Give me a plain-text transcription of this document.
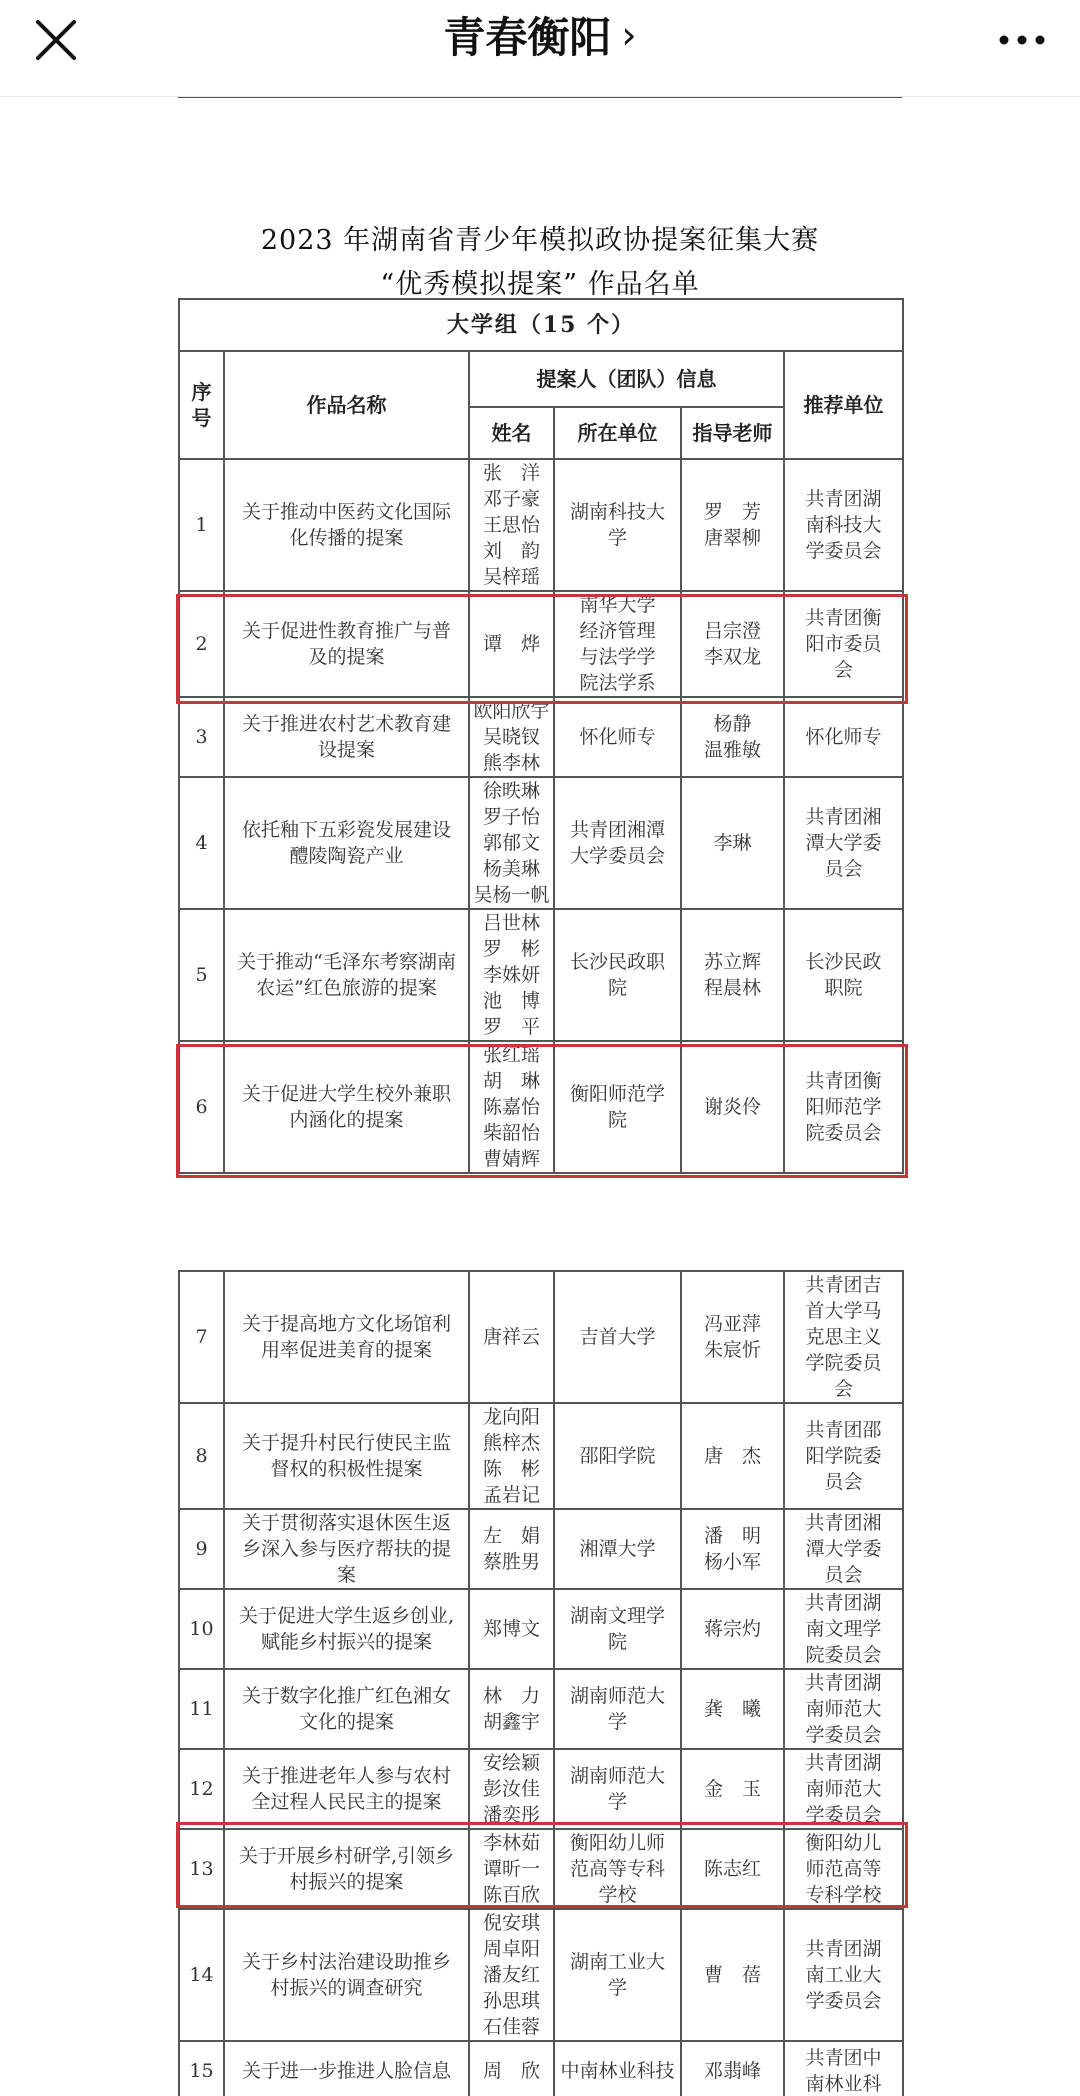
青春衡阳 ›
2023 年湖南省青少年模拟政协提案征集大赛
“优秀模拟提案” 作品名单
大学组（15 个）					
序
号	作品名称	提案人（团队）信息			推荐单位
		姓名	所在单位	指导老师	
1	关于推动中医药文化国际
化传播的提案	张　洋
邓子豪
王思怡
刘　韵
吴梓瑶	湖南科技大
学	罗　芳
唐翠柳	共青团湖
南科技大
学委员会
2	关于促进性教育推广与普
及的提案	谭　烨	南华大学
经济管理
与法学学
院法学系	吕宗澄
李双龙	共青团衡
阳市委员
会
3	关于推进农村艺术教育建
设提案	欧阳欣宇
吴晓钗
熊李林	怀化师专	杨静
温雅敏	怀化师专
4	依托釉下五彩瓷发展建设
醴陵陶瓷产业	徐昳琳
罗子怡
郭郁文
杨美琳
吴杨一帆	共青团湘潭
大学委员会	李琳	共青团湘
潭大学委
员会
5	关于推动“毛泽东考察湖南
农运”红色旅游的提案	吕世林
罗　彬
李姝妍
池　博
罗　平	长沙民政职
院	苏立辉
程晨林	长沙民政
职院
6	关于促进大学生校外兼职
内涵化的提案	张红瑶
胡　琳
陈嘉怡
柴韶怡
曹婧辉	衡阳师范学
院	谢炎伶	共青团衡
阳师范学
院委员会
7	关于提高地方文化场馆利
用率促进美育的提案	唐祥云	吉首大学	冯亚萍
朱宸忻	共青团吉
首大学马
克思主义
学院委员
会
8	关于提升村民行使民主监
督权的积极性提案	龙向阳
熊梓杰
陈　彬
孟岩记	邵阳学院	唐　杰	共青团邵
阳学院委
员会
9	关于贯彻落实退休医生返
乡深入参与医疗帮扶的提
案	左　娟
蔡胜男	湘潭大学	潘　明
杨小军	共青团湘
潭大学委
员会
10	关于促进大学生返乡创业,
赋能乡村振兴的提案	郑博文	湖南文理学
院	蒋宗灼	共青团湖
南文理学
院委员会
11	关于数字化推广红色湘女
文化的提案	林　力
胡鑫宇	湖南师范大
学	龚　曦	共青团湖
南师范大
学委员会
12	关于推进老年人参与农村
全过程人民民主的提案	安绘颖
彭汝佳
潘奕彤	湖南师范大
学	金　玉	共青团湖
南师范大
学委员会
13	关于开展乡村研学,引领乡
村振兴的提案	李林茹
谭昕一
陈百欣	衡阳幼儿师
范高等专科
学校	陈志红	衡阳幼儿
师范高等
专科学校
14	关于乡村法治建设助推乡
村振兴的调查研究	倪安琪
周卓阳
潘友红
孙思琪
石佳蓉	湖南工业大
学	曹　蓓	共青团湖
南工业大
学委员会
15	关于进一步推进人脸信息	周　欣	中南林业科技	邓翡峰	共青团中
南林业科
